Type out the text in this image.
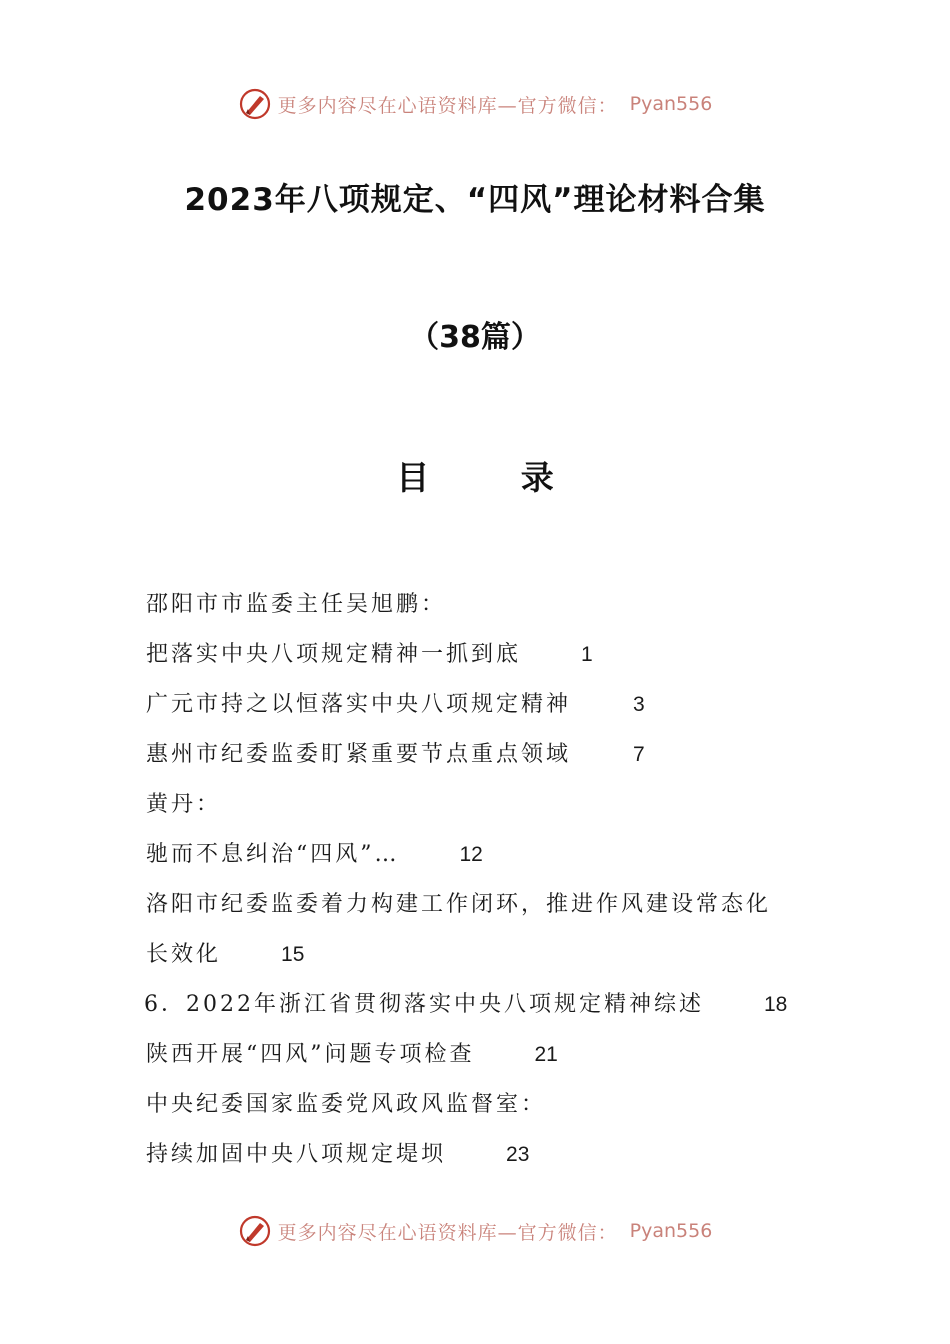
更多内容尽在心语资料库—官方微信： Pyan556
2023年八项规定、“四风”理论材料合集
（38篇）
目 录
邵阳市市监委主任吴旭鹏：
把落实中央八项规定精神一抓到底	1
广元市持之以恒落实中央八项规定精神	3
惠州市纪委监委盯紧重要节点重点领域	7
黄丹：
驰而不息纠治“四风”…	12
洛阳市纪委监委着力构建工作闭环，推进作风建设常态化
长效化	15
6．2022年浙江省贯彻落实中央八项规定精神综述	18
陕西开展“四风”问题专项检查	21
中央纪委国家监委党风政风监督室：
持续加固中央八项规定堤坝	23
更多内容尽在心语资料库—官方微信： Pyan556
